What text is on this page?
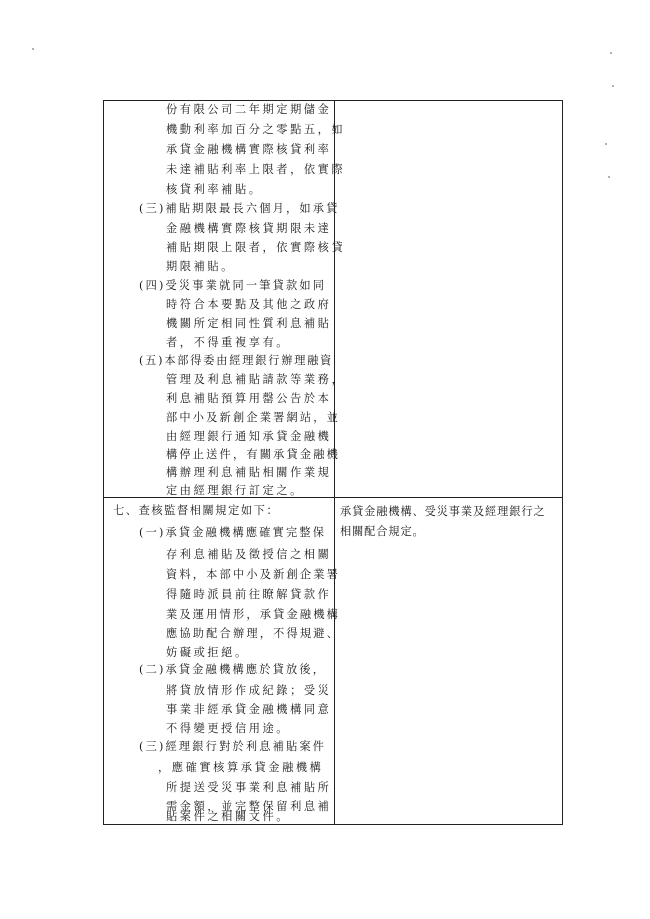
份有限公司二年期定期儲金
機動利率加百分之零點五，如
承貸金融機構實際核貸利率
未達補貼利率上限者，依實際
核貸利率補貼。
(三)補貼期限最長六個月，如承貸
金融機構實際核貸期限未達
補貼期限上限者，依實際核貸
期限補貼。
(四)受災事業就同一筆貸款如同
時符合本要點及其他之政府
機關所定相同性質利息補貼
者，不得重複享有。
(五)本部得委由經理銀行辦理融資
管理及利息補貼請款等業務，
利息補貼預算用罄公告於本
部中小及新創企業署網站，並
由經理銀行通知承貸金融機
構停止送件，有關承貸金融機
構辦理利息補貼相關作業規
定由經理銀行訂定之。
七、查核監督相關規定如下：
(一)承貸金融機構應確實完整保
存利息補貼及徵授信之相關
資料，本部中小及新創企業署
得隨時派員前往瞭解貸款作
業及運用情形，承貸金融機構
應協助配合辦理，不得規避、
妨礙或拒絕。
(二)承貸金融機構應於貸放後，
將貸放情形作成紀錄；受災
事業非經承貸金融機構同意
不得變更授信用途。
(三)經理銀行對於利息補貼案件
，應確實核算承貸金融機構
所提送受災事業利息補貼所
需金額，並完整保留利息補
貼案件之相關文件。
承貸金融機構、受災事業及經理銀行之
相關配合規定。
